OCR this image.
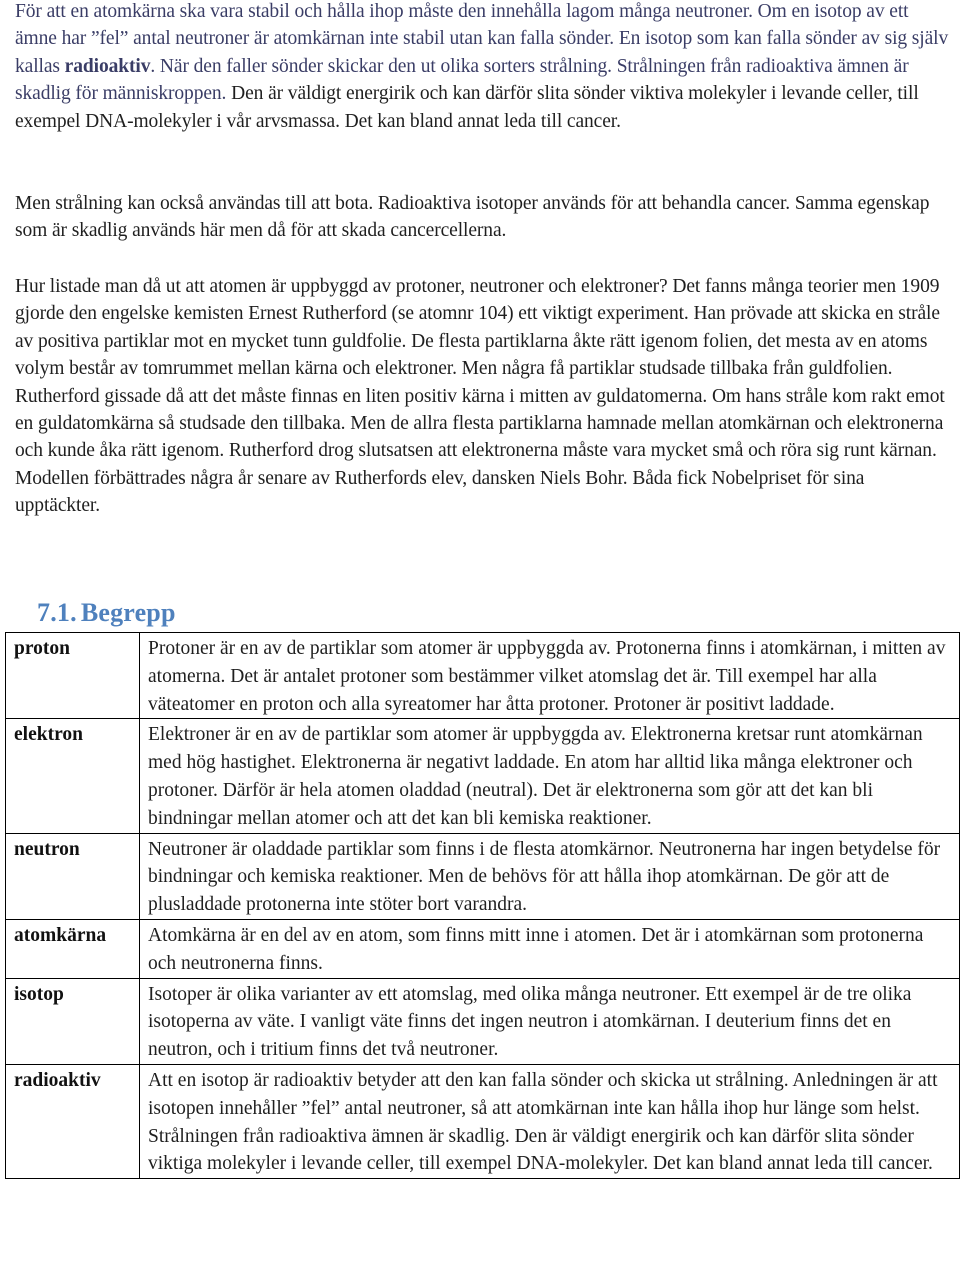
För att en atomkärna ska vara stabil och hålla ihop måste den innehålla lagom många neutroner. Om en isotop av ett ämne har ”fel” antal neutroner är atomkärnan inte stabil utan kan falla sönder. En isotop som kan falla sönder av sig själv kallas radioaktiv. När den faller sönder skickar den ut olika sorters strålning. Strålningen från radioaktiva ämnen är skadlig för människroppen. Den är väldigt energirik och kan därför slita sönder viktiva molekyler i levande celler, till exempel DNA-molekyler i vår arvsmassa. Det kan bland annat leda till cancer.

Men strålning kan också användas till att bota. Radioaktiva isotoper används för att behandla cancer. Samma egenskap som är skadlig används här men då för att skada cancercellerna.

Hur listade man då ut att atomen är uppbyggd av protoner, neutroner och elektroner? Det fanns många teorier men 1909 gjorde den engelske kemisten Ernest Rutherford (se atomnr 104) ett viktigt experiment. Han prövade att skicka en stråle av positiva partiklar mot en mycket tunn guldfolie. De flesta partiklarna åkte rätt igenom folien, det mesta av en atoms volym består av tomrummet mellan kärna och elektroner. Men några få partiklar studsade tillbaka från guldfolien. Rutherford gissade då att det måste finnas en liten positiv kärna i mitten av guldatomerna. Om hans stråle kom rakt emot en guldatomkärna så studsade den tillbaka. Men de allra flesta partiklarna hamnade mellan atomkärnan och elektronerna och kunde åka rätt igenom. Rutherford drog slutsatsen att elektronerna måste vara mycket små och röra sig runt kärnan. Modellen förbättrades några år senare av Rutherfords elev, dansken Niels Bohr. Båda fick Nobelpriset för sina upptäckter.

7.1. Begrepp
proton	Protoner är en av de partiklar som atomer är uppbyggda av. Protonerna finns i atomkärnan, i mitten av atomerna. Det är antalet protoner som bestämmer vilket atomslag det är. Till exempel har alla väteatomer en proton och alla syreatomer har åtta protoner. Protoner är positivt laddade.
elektron	Elektroner är en av de partiklar som atomer är uppbyggda av. Elektronerna kretsar runt atomkärnan med hög hastighet. Elektronerna är negativt laddade. En atom har alltid lika många elektroner och protoner. Därför är hela atomen oladdad (neutral). Det är elektronerna som gör att det kan bli bindningar mellan atomer och att det kan bli kemiska reaktioner.
neutron	Neutroner är oladdade partiklar som finns i de flesta atomkärnor. Neutronerna har ingen betydelse för bindningar och kemiska reaktioner. Men de behövs för att hålla ihop atomkärnan. De gör att de plusladdade protonerna inte stöter bort varandra.
atomkärna	Atomkärna är en del av en atom, som finns mitt inne i atomen. Det är i atomkärnan som protonerna och neutronerna finns.
isotop	Isotoper är olika varianter av ett atomslag, med olika många neutroner. Ett exempel är de tre olika isotoperna av väte. I vanligt väte finns det ingen neutron i atomkärnan. I deuterium finns det en neutron, och i tritium finns det två neutroner.
radioaktiv	Att en isotop är radioaktiv betyder att den kan falla sönder och skicka ut strålning. Anledningen är att isotopen innehåller ”fel” antal neutroner, så att atomkärnan inte kan hålla ihop hur länge som helst. Strålningen från radioaktiva ämnen är skadlig. Den är väldigt energirik och kan därför slita sönder viktiga molekyler i levande celler, till exempel DNA-molekyler. Det kan bland annat leda till cancer.
